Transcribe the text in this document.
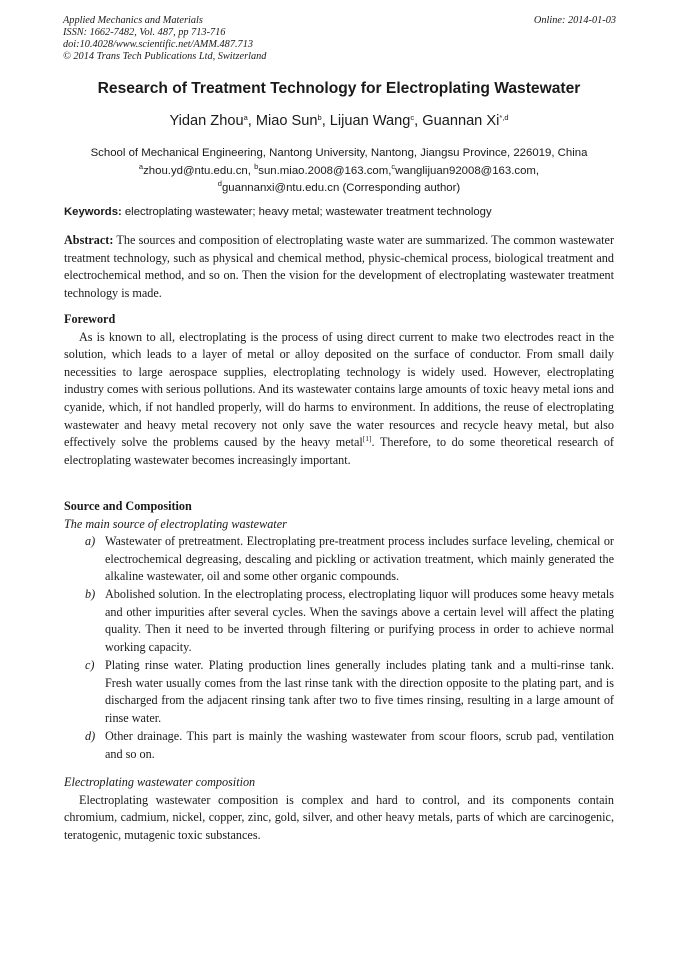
Applied Mechanics and Materials
ISSN: 1662-7482, Vol. 487, pp 713-716
doi:10.4028/www.scientific.net/AMM.487.713
© 2014 Trans Tech Publications Ltd, Switzerland
Online: 2014-01-03
Research of Treatment Technology for Electroplating Wastewater
Yidan Zhou$^a$, Miao Sun$^b$, Lijuan Wang$^c$, Guannan $Xi^{*,d}$
School of Mechanical Engineering, Nantong University, Nantong, Jiangsu Province, 226019, China
$^a$zhou.yd@ntu.edu.cn, $^b$sun.miao.2008@163.com,$^c$wanglijuan92008@163.com,
$^d$guannanxi@ntu.edu.cn (Corresponding author)
Keywords: electroplating wastewater; heavy metal; wastewater treatment technology
Abstract: The sources and composition of electroplating waste water are summarized. The common wastewater treatment technology, such as physical and chemical method, physic-chemical process, biological treatment and electrochemical method, and so on. Then the vision for the development of electroplating wastewater treatment technology is made.
Foreword
As is known to all, electroplating is the process of using direct current to make two electrodes react in the solution, which leads to a layer of metal or alloy deposited on the surface of conductor. From small daily necessities to large aerospace supplies, electroplating technology is widely used. However, electroplating industry comes with serious pollutions. And its wastewater contains large amounts of toxic heavy metal ions and cyanide, which, if not handled properly, will do harms to environment. In additions, the reuse of electroplating wastewater and heavy metal recovery not only save the water resources and recycle heavy metal, but also effectively solve the problems caused by the heavy metal[1]. Therefore, to do some theoretical research of electroplating wastewater becomes increasingly important.
Source and Composition
The main source of electroplating wastewater
a) Wastewater of pretreatment. Electroplating pre-treatment process includes surface leveling, chemical or electrochemical degreasing, descaling and pickling or activation treatment, which mainly generated the alkaline wastewater, oil and some other organic compounds.
b) Abolished solution. In the electroplating process, electroplating liquor will produces some heavy metals and other impurities after several cycles. When the savings above a certain level will affect the plating quality. Then it need to be inverted through filtering or purifying process in order to achieve normal working capacity.
c) Plating rinse water. Plating production lines generally includes plating tank and a multi-rinse tank. Fresh water usually comes from the last rinse tank with the direction opposite to the plating part, and is discharged from the adjacent rinsing tank after two to five times rinsing, resulting in a large amount of rinse water.
d) Other drainage. This part is mainly the washing wastewater from scour floors, scrub pad, ventilation and so on.
Electroplating wastewater composition
Electroplating wastewater composition is complex and hard to control, and its components contain chromium, cadmium, nickel, copper, zinc, gold, silver, and other heavy metals, parts of which are carcinogenic, teratogenic, mutagenic toxic substances.
